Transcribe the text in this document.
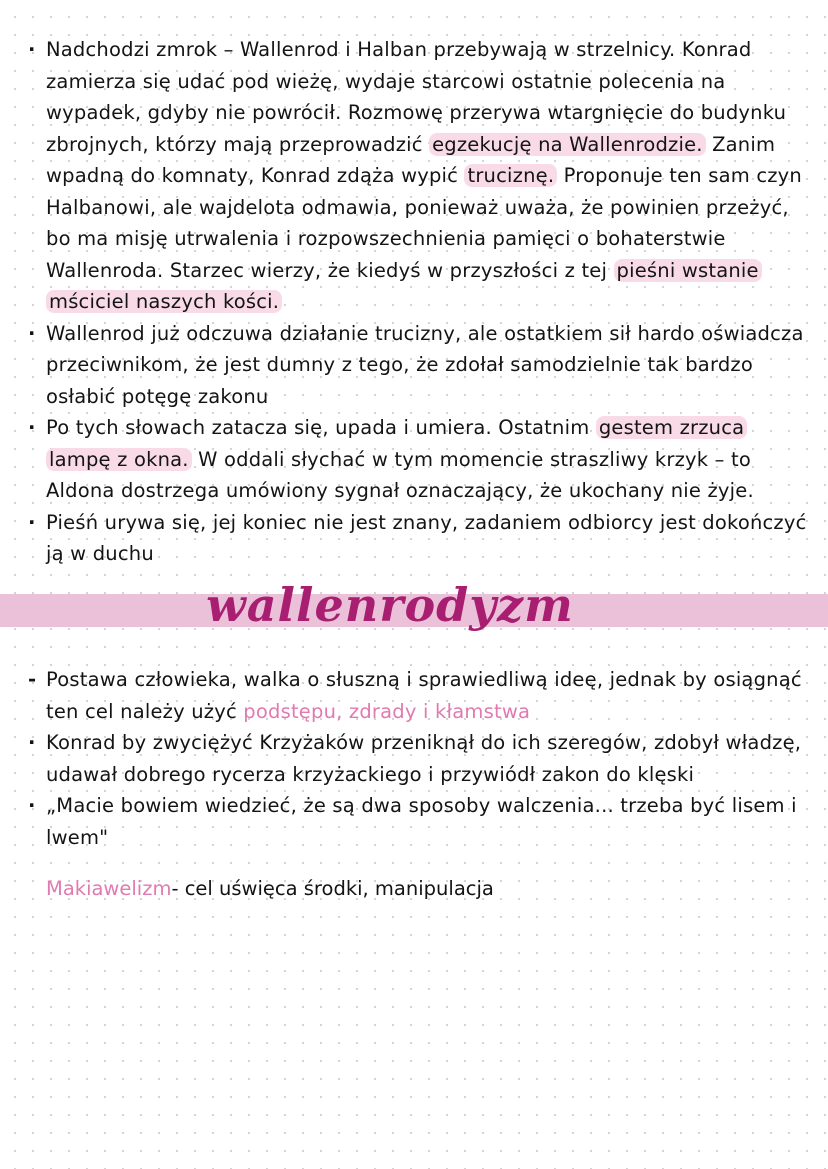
· Nadchodzi zmrok – Wallenrod i Halban przebywają w strzelnicy. Konrad zamierza się udać pod wieżę, wydaje starcowi ostatnie polecenia na wypadek, gdyby nie powrócił. Rozmowę przerywa wtargnięcie do budynku zbrojnych, którzy mają przeprowadzić egzekucję na Wallenrodzie. Zanim wpadną do komnaty, Konrad zdąża wypić truciznę. Proponuje ten sam czyn Halbanowi, ale wajdelota odmawia, ponieważ uważa, że powinien przeżyć, bo ma misję utrwalenia i rozpowszechnienia pamięci o bohaterstwie Wallenroda. Starzec wierzy, że kiedyś w przyszłości z tej pieśni wstanie mściciel naszych kości.

· Wallenrod już odczuwa działanie trucizny, ale ostatkiem sił hardo oświadcza przeciwnikom, że jest dumny z tego, że zdołał samodzielnie tak bardzo osłabić potęgę zakonu

· Po tych słowach zatacza się, upada i umiera. Ostatnim gestem zrzuca lampę z okna. W oddali słychać w tym momencie straszliwy krzyk – to Aldona dostrzega umówiony sygnał oznaczający, że ukochany nie żyje.

· Pieśń urywa się, jej koniec nie jest znany, zadaniem odbiorcy jest dokończyć ją w duchu

wallenrodyzm

- Postawa człowieka, walka o słuszną i sprawiedliwą ideę, jednak by osiągnąć ten cel należy użyć podstępu, zdrady i kłamstwa

· Konrad by zwyciężyć Krzyżaków przeniknął do ich szeregów, zdobył władzę, udawał dobrego rycerza krzyżackiego i przywiódł zakon do klęski

· „Macie bowiem wiedzieć, że są dwa sposoby walczenia... trzeba być lisem i lwem"

Makiawelizm- cel uświęca środki, manipulacja
